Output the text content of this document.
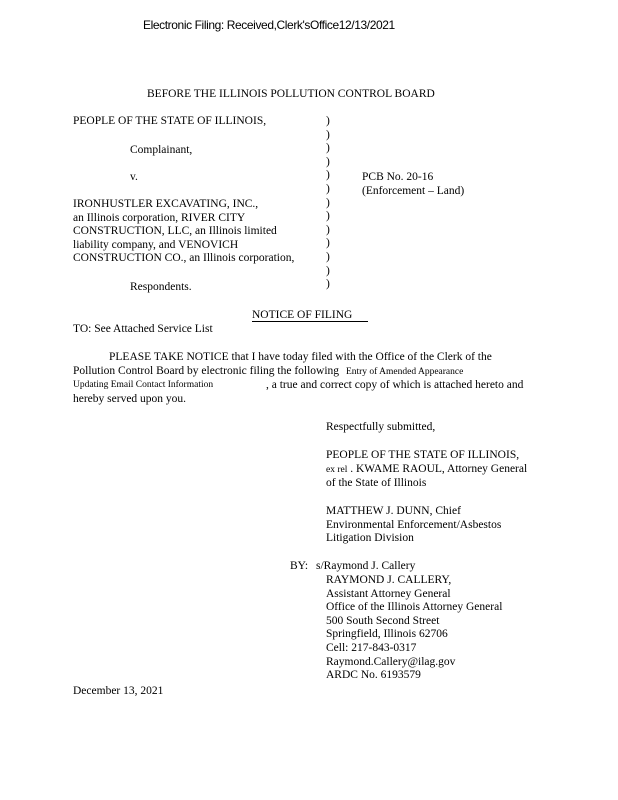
Electronic Filing: Received,Clerk'sOffice12/13/2021
BEFORE THE ILLINOIS POLLUTION CONTROL BOARD
PEOPLE OF THE STATE OF ILLINOIS,
Complainant,
v.
IRONHUSTLER EXCAVATING, INC.,
an Illinois corporation, RIVER CITY
CONSTRUCTION, LLC, an Illinois limited
liability company, and VENOVICH
CONSTRUCTION CO., an Illinois corporation,
Respondents.
)
)
)
)
)
)
)
)
)
)
)
)
)
PCB No. 20-16
(Enforcement – Land)
NOTICE OF FILING
TO: See Attached Service List
PLEASE TAKE NOTICE that I have today filed with the Office of the Clerk of the
Pollution Control Board by electronic filing the following Entry of Amended Appearance
Updating Email Contact Information	, a true and correct copy of which is attached hereto and
hereby served upon you.
Respectfully submitted,
PEOPLE OF THE STATE OF ILLINOIS,
ex rel . KWAME RAOUL, Attorney General
of the State of Illinois
MATTHEW J. DUNN, Chief
Environmental Enforcement/Asbestos
Litigation Division
BY: s/Raymond J. Callery
RAYMOND J. CALLERY,
Assistant Attorney General
Office of the Illinois Attorney General
500 South Second Street
Springfield, Illinois 62706
Cell: 217-843-0317
Raymond.Callery@ilag.gov
ARDC No. 6193579
December 13, 2021
